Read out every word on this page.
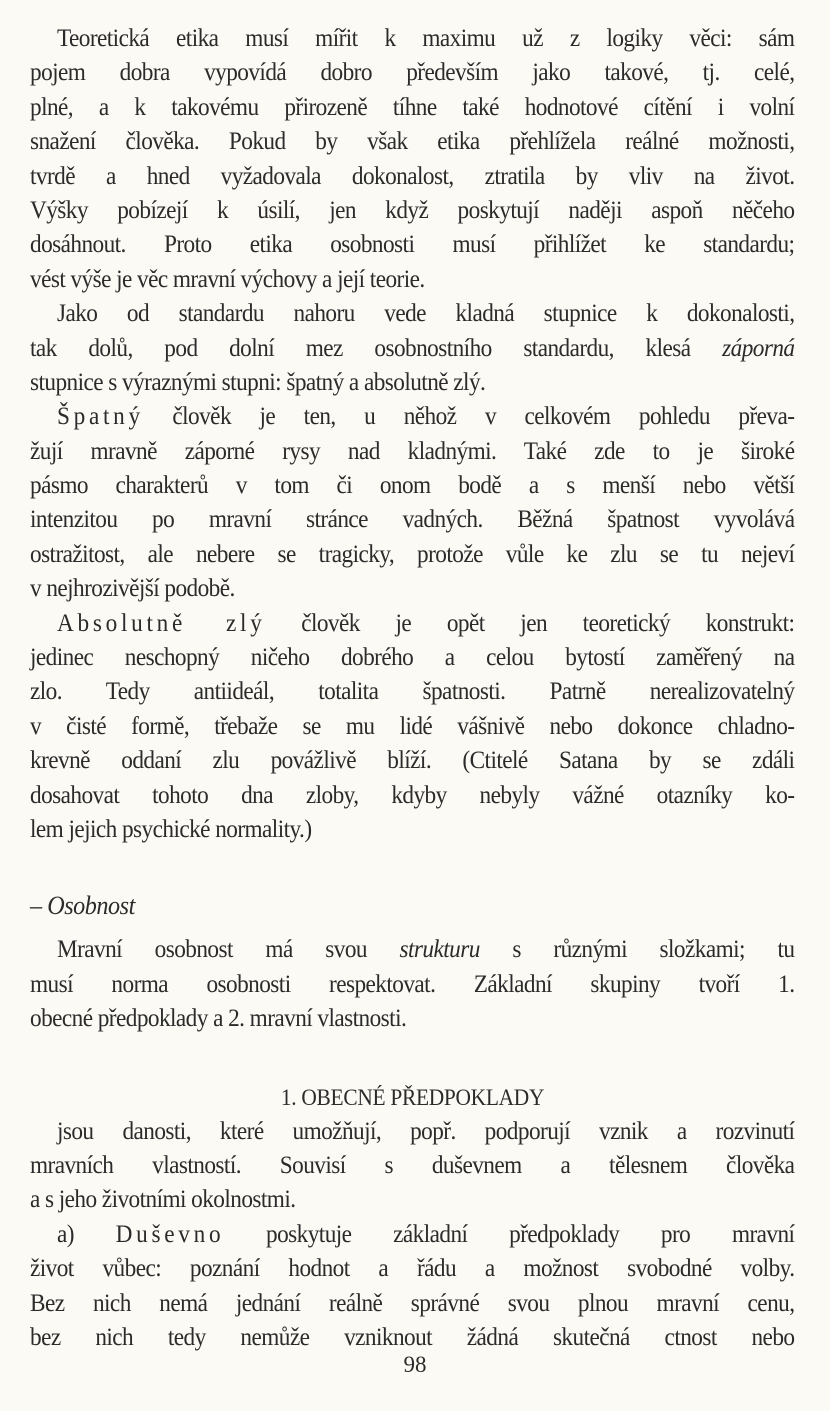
Teoretická etika musí mířit k maximu už z logiky věci: sám
pojem dobra vypovídá dobro především jako takové, tj. celé,
plné, a k takovému přirozeně tíhne také hodnotové cítění i volní
snažení člověka. Pokud by však etika přehlížela reálné možnosti,
tvrdě a hned vyžadovala dokonalost, ztratila by vliv na život.
Výšky pobízejí k úsilí, jen když poskytují naději aspoň něčeho
dosáhnout. Proto etika osobnosti musí přihlížet ke standardu;
vést výše je věc mravní výchovy a její teorie.
Jako od standardu nahoru vede kladná stupnice k dokonalosti,
tak dolů, pod dolní mez osobnostního standardu, klesá záporná
stupnice s výraznými stupni: špatný a absolutně zlý.
Špatný člověk je ten, u něhož v celkovém pohledu převa-
žují mravně záporné rysy nad kladnými. Také zde to je široké
pásmo charakterů v tom či onom bodě a s menší nebo větší
intenzitou po mravní stránce vadných. Běžná špatnost vyvolává
ostražitost, ale nebere se tragicky, protože vůle ke zlu se tu nejeví
v nejhrozivější podobě.
Absolutně zlý člověk je opět jen teoretický konstrukt:
jedinec neschopný ničeho dobrého a celou bytostí zaměřený na
zlo. Tedy antiideál, totalita špatnosti. Patrně nerealizovatelný
v čisté formě, třebaže se mu lidé vášnivě nebo dokonce chladno-
krevně oddaní zlu povážlivě blíží. (Ctitelé Satana by se zdáli
dosahovat tohoto dna zloby, kdyby nebyly vážné otazníky ko-
lem jejich psychické normality.)
– Osobnost
Mravní osobnost má svou strukturu s různými složkami; tu
musí norma osobnosti respektovat. Základní skupiny tvoří 1.
obecné předpoklady a 2. mravní vlastnosti.
1. OBECNÉ PŘEDPOKLADY
jsou danosti, které umožňují, popř. podporují vznik a rozvinutí
mravních vlastností. Souvisí s duševnem a tělesnem člověka
a s jeho životními okolnostmi.
a) Duševno poskytuje základní předpoklady pro mravní
život vůbec: poznání hodnot a řádu a možnost svobodné volby.
Bez nich nemá jednání reálně správné svou plnou mravní cenu,
bez nich tedy nemůže vzniknout žádná skutečná ctnost nebo
98
